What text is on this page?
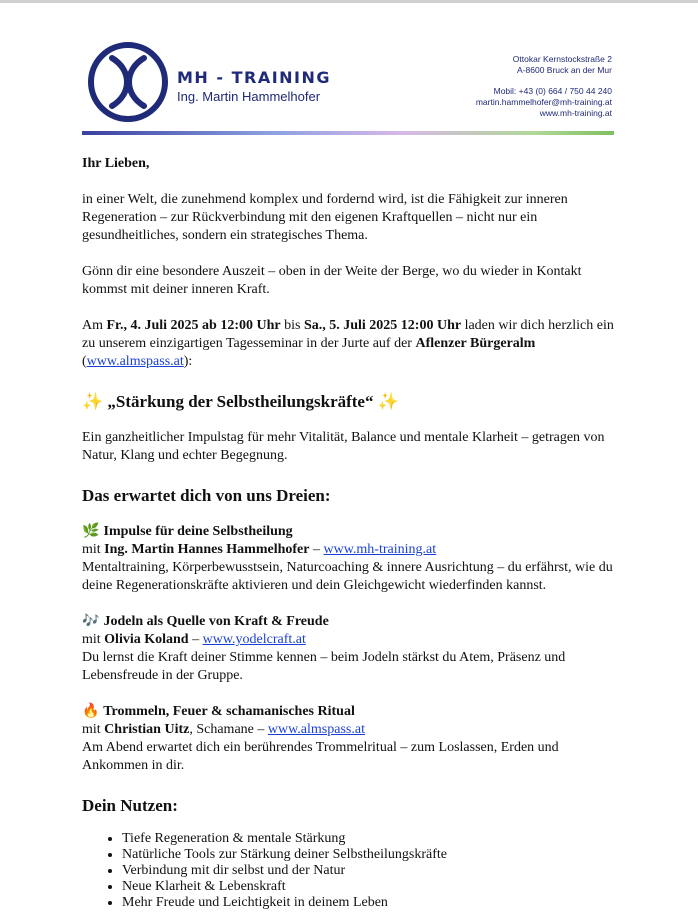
MH - TRAINING
Ing. Martin Hammelhofer
Ottokar Kernstockstraße 2
A-8600 Bruck an der Mur
Mobil: +43 (0) 664 / 750 44 240
martin.hammelhofer@mh-training.at
www.mh-training.at

Ihr Lieben,

in einer Welt, die zunehmend komplex und fordernd wird, ist die Fähigkeit zur inneren Regeneration – zur Rückverbindung mit den eigenen Kraftquellen – nicht nur ein gesundheitliches, sondern ein strategisches Thema.

Gönn dir eine besondere Auszeit – oben in der Weite der Berge, wo du wieder in Kontakt kommst mit deiner inneren Kraft.

Am Fr., 4. Juli 2025 ab 12:00 Uhr bis Sa., 5. Juli 2025 12:00 Uhr laden wir dich herzlich ein zu unserem einzigartigen Tagesseminar in der Jurte auf der Aflenzer Bürgeralm
(www.almspass.at):

✨ „Stärkung der Selbstheilungskräfte“ ✨

Ein ganzheitlicher Impulstag für mehr Vitalität, Balance und mentale Klarheit – getragen von Natur, Klang und echter Begegnung.

Das erwartet dich von uns Dreien:

🌿 Impulse für deine Selbstheilung

mit Ing. Martin Hannes Hammelhofer – www.mh-training.at

Mentaltraining, Körperbewusstsein, Naturcoaching & innere Ausrichtung – du erfährst, wie du deine Regenerationskräfte aktivieren und dein Gleichgewicht wiederfinden kannst.

🎶 Jodeln als Quelle von Kraft & Freude

mit Olivia Koland – www.yodelcraft.at

Du lernst die Kraft deiner Stimme kennen – beim Jodeln stärkst du Atem, Präsenz und Lebensfreude in der Gruppe.

🔥 Trommeln, Feuer & schamanisches Ritual

mit Christian Uitz, Schamane – www.almspass.at

Am Abend erwartet dich ein berührendes Trommelritual – zum Loslassen, Erden und Ankommen in dir.

Dein Nutzen:

• Tiefe Regeneration & mentale Stärkung
• Natürliche Tools zur Stärkung deiner Selbstheilungskräfte
• Verbindung mit dir selbst und der Natur
• Neue Klarheit & Lebenskraft
• Mehr Freude und Leichtigkeit in deinem Leben
